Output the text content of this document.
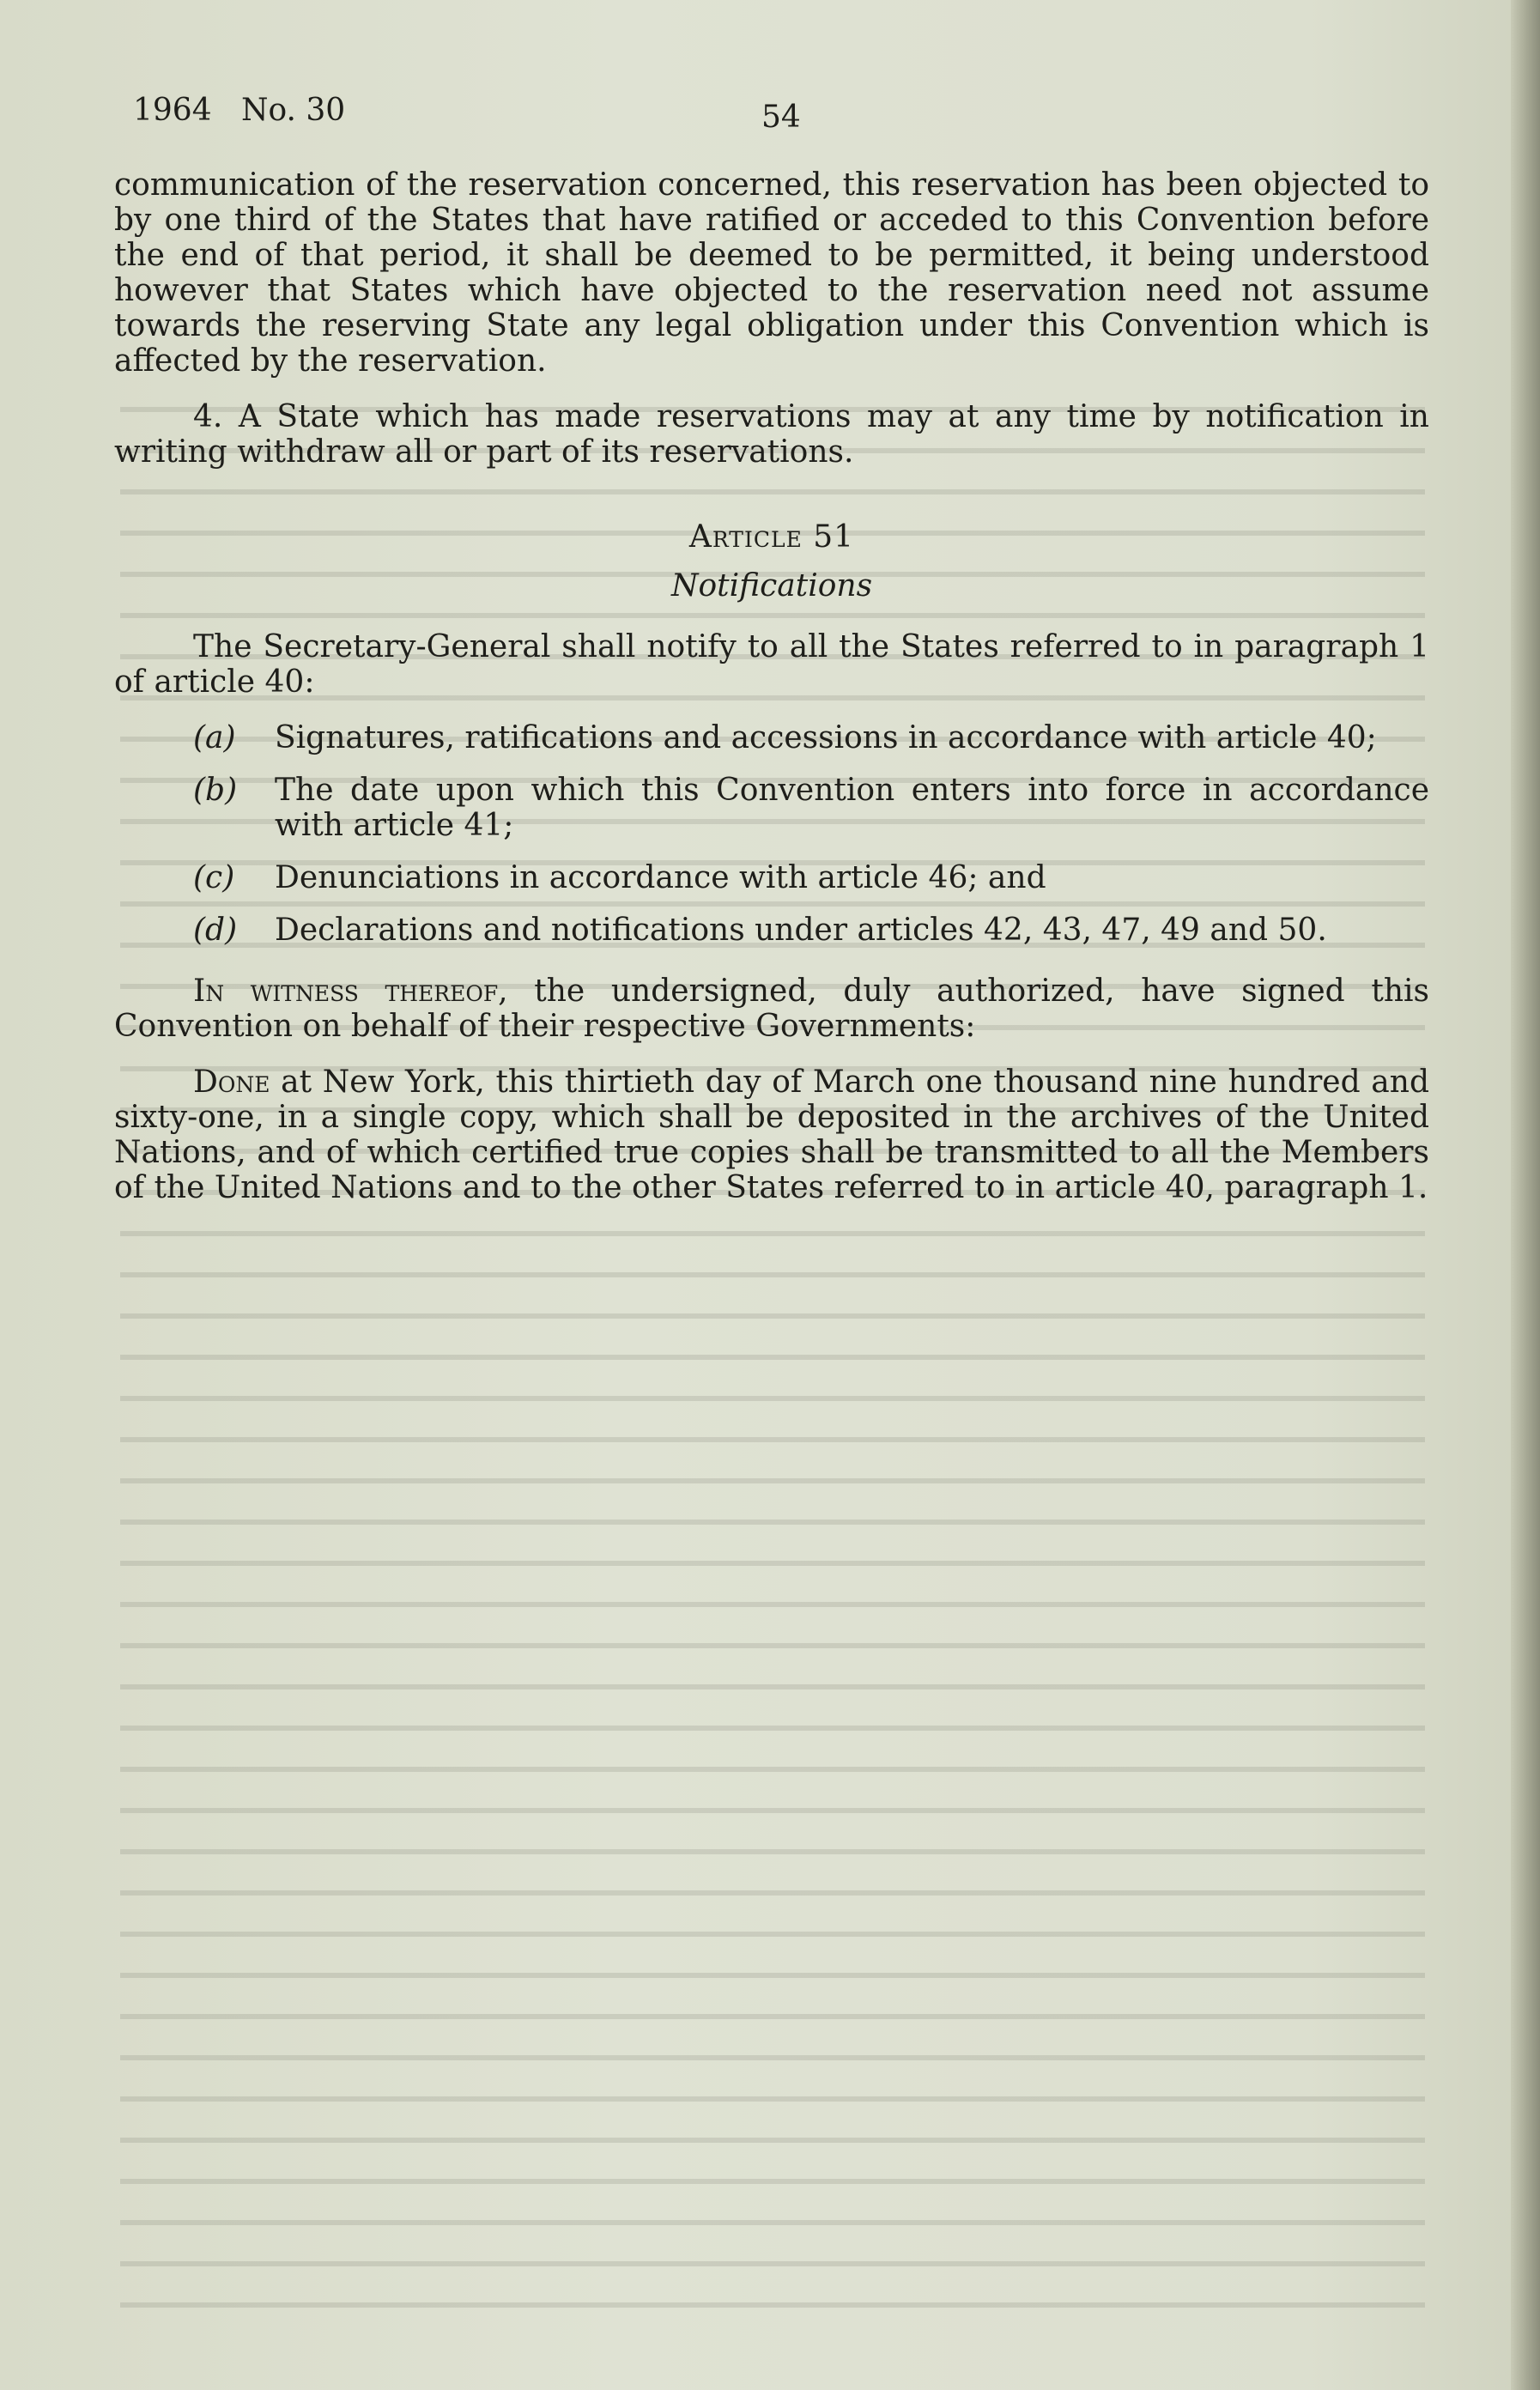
1964   No. 30	54

communication of the reservation concerned, this reservation has been objected to by one third of the States that have ratified or acceded to this Convention before the end of that period, it shall be deemed to be permitted, it being understood however that States which have objected to the reservation need not assume towards the reserving State any legal obligation under this Convention which is affected by the reservation.

4. A State which has made reservations may at any time by notification in writing withdraw all or part of its reservations.

Article 51
Notifications

The Secretary-General shall notify to all the States referred to in paragraph 1 of article 40:

(a)	Signatures, ratifications and accessions in accordance with article 40;
(b)	The date upon which this Convention enters into force in accordance with article 41;
(c)	Denunciations in accordance with article 46; and
(d)	Declarations and notifications under articles 42, 43, 47, 49 and 50.

In witness thereof, the undersigned, duly authorized, have signed this Convention on behalf of their respective Governments:

Done at New York, this thirtieth day of March one thousand nine hundred and sixty-one, in a single copy, which shall be deposited in the archives of the United Nations, and of which certified true copies shall be transmitted to all the Members of the United Nations and to the other States referred to in article 40, paragraph 1.
